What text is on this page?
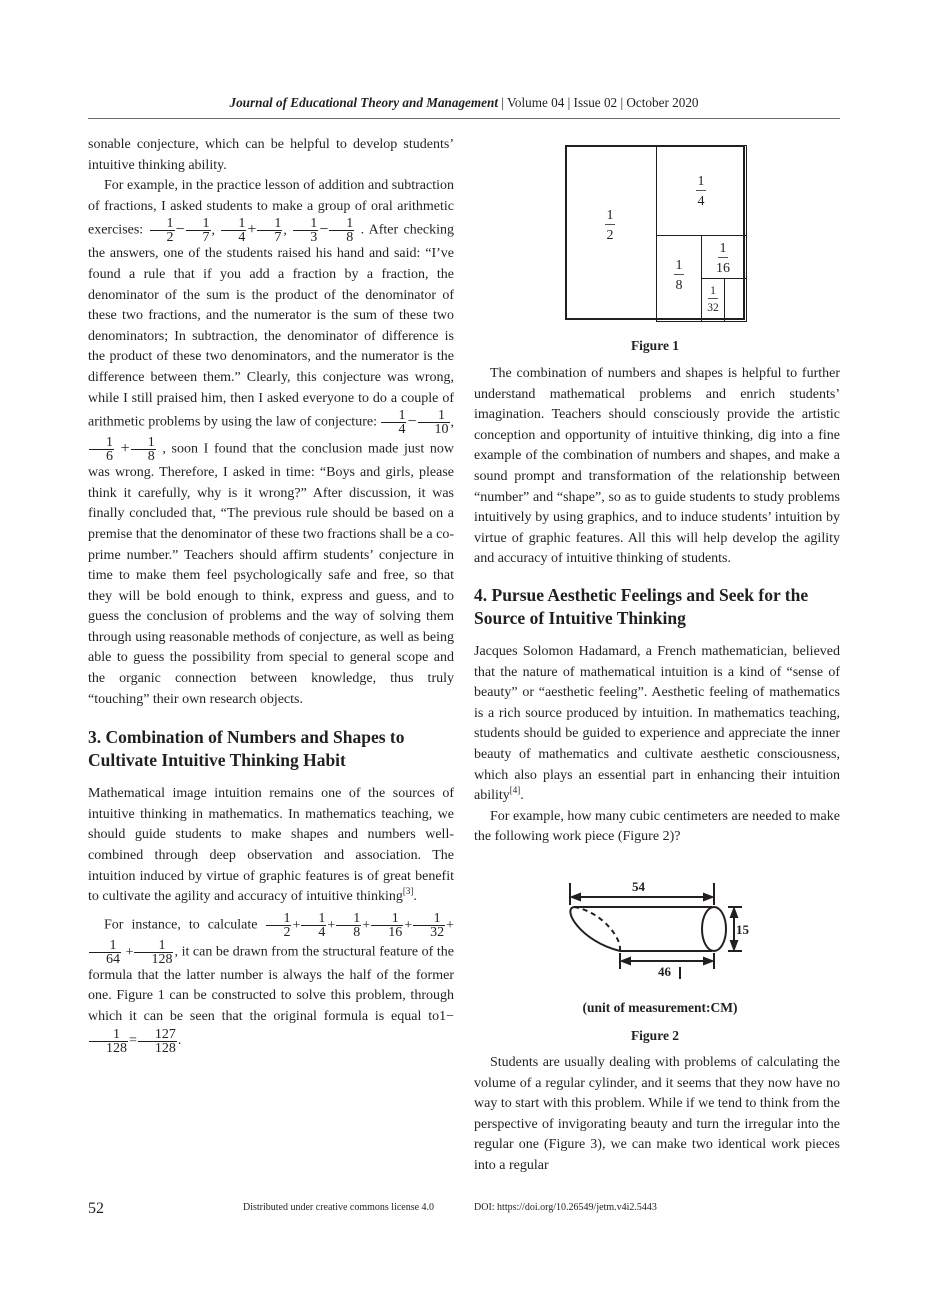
Journal of Educational Theory and Management | Volume 04 | Issue 02 | October 2020

sonable conjecture, which can be helpful to develop students’ intuitive thinking ability.

For example, in the practice lesson of addition and subtraction of fractions, I asked students to make a group of oral arithmetic exercises: $\frac{1}{2} - \frac{1}{7}$ , $\frac{1}{4} + \frac{1}{7}$ , $\frac{1}{3} - \frac{1}{8}$ . After checking the answers, one of the students raised his hand and said: “I’ve found a rule that if you add a fraction by a fraction, the denominator of the sum is the product of the denominator of these two fractions, and the numerator is the sum of these two denominators; In subtraction, the denominator of difference is the product of these two denominators, and the numerator is the difference between them.” Clearly, this conjecture was wrong, while I still praised him, then I asked everyone to do a couple of arithmetic problems by using the law of conjecture: $\frac{1}{4} - \frac{1}{10}$ ,
$\frac{1}{6} + \frac{1}{8}$ , soon I found that the conclusion made just now was wrong. Therefore, I asked in time: “Boys and girls, please think it carefully, why is it wrong?” After discussion, it was finally concluded that, “The previous rule should be based on a premise that the denominator of these two fractions shall be a co-prime number.” Teachers should affirm students’ conjecture in time to make them feel psychologically safe and free, so that they will be bold enough to think, express and guess, and to guess the conclusion of problems and the way of solving them through using reasonable methods of conjecture, as well as being able to guess the possibility from special to general scope and the organic connection between knowledge, thus truly “touching” their own research objects.

3. Combination of Numbers and Shapes to Cultivate Intuitive Thinking Habit

Mathematical image intuition remains one of the sources of intuitive thinking in mathematics. In mathematics teaching, we should guide students to make shapes and numbers well-combined through deep observation and association. The intuition induced by virtue of graphic features is of great benefit to cultivate the agility and accuracy of intuitive thinking[3].

For instance, to calculate $\frac{1}{2} + \frac{1}{4} + \frac{1}{8} + \frac{1}{16} + \frac{1}{32}$ +
$\frac{1}{64} + \frac{1}{128}$ , it can be drawn from the structural feature of the formula that the latter number is always the half of the former one. Figure 1 can be constructed to solve this problem, through which it can be seen that the original formula is equal to1−
$\frac{1}{128} = \frac{127}{128}$ .

1
2
1
4
1
8
1
16
1
32
Figure 1

The combination of numbers and shapes is helpful to further understand mathematical problems and enrich students’ imagination. Teachers should consciously provide the artistic conception and opportunity of intuitive thinking, dig into a fine example of the combination of numbers and shapes, and make a sound prompt and transformation of the relationship between “number” and “shape”, so as to guide students to study problems intuitively by using graphics, and to induce students’ intuition by virtue of graphic features. All this will help develop the agility and accuracy of intuitive thinking of students.

4. Pursue Aesthetic Feelings and Seek for the Source of Intuitive Thinking

Jacques Solomon Hadamard, a French mathematician, believed that the nature of mathematical intuition is a kind of “sense of beauty” or “aesthetic feeling”. Aesthetic feeling of mathematics is a rich source produced by intuition. In mathematics teaching, students should be guided to experience and appreciate the inner beauty of mathematics and cultivate aesthetic consciousness, which also plays an essential part in enhancing their intuition ability[4].

For example, how many cubic centimeters are needed to make the following work piece (Figure 2)?

54
46
15
(unit of measurement:CM)
Figure 2

Students are usually dealing with problems of calculating the volume of a regular cylinder, and it seems that they now have no way to start with this problem. While if we tend to think from the perspective of invigorating beauty and turn the irregular into the regular one (Figure 3), we can make two identical work pieces into a regular

52	Distributed under creative commons license 4.0	DOI: https://doi.org/10.26549/jetm.v4i2.5443
